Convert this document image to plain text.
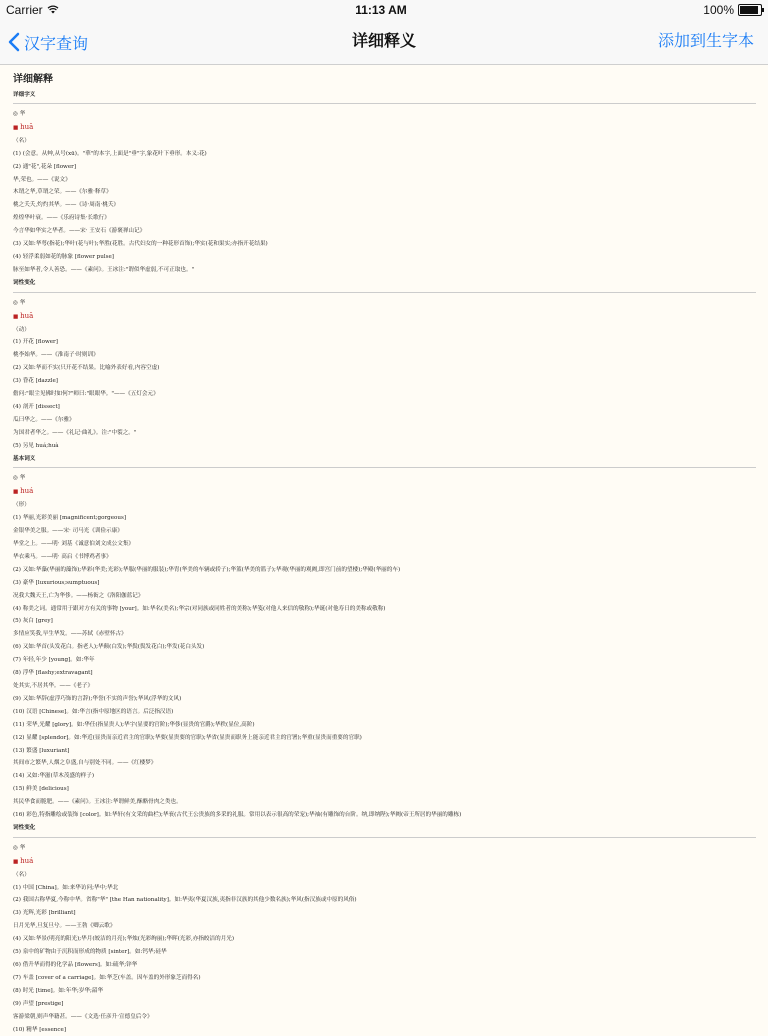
Carrier	11:13 AM	100%
汉字查询	详细释义	添加到生字本
详细解释
详细字义
◎ 华
■ huā
（名）
(1) (会意。从艸,从号(xū)。"華"的本字,上面是"垂"字,象花叶下垂形。本义:花)
(2) 通"花",花朵 [flower]
华,荣也。——《说文》
木谓之华,草谓之荣。——《尔雅·释草》
桃之夭夭,灼灼其华。——《诗·周南·桃夭》
煌煌华叶衰。——《乐府诗集·长歌行》
今言华如华实之华者。——宋· 王安石《游褒禅山记》
(3) 又如:华萼(指花);华叶(花与叶);华胜(花胜。古代妇女的一种花形首饰);华实(花和果实;亦指开花结果)
(4) 轻浮柔弱如花的脉象 [flower pulse]
脉至如华者,令人善恐。——《素问》。王冰注:"谓似华虚弱,不可正取也。"
词性变化
◎ 华
■ huā
（动）
(1) 开花 [flower]
桃李始华。——《淮南子·时则训》
(2) 又如:华而不实(只开花不结果。比喻外表好看,内容空虚)
(3) 昏花 [dazzle]
儋问:"眼尘见佛时如何?"师曰:"眼眼华。"——《五灯会元》
(4) 剖开 [dissect]
瓜曰华之。——《尔雅》
为国君者华之。——《礼记·曲礼》。注:"中裂之。"
(5) 另见 huá;huà
基本词义
◎ 华
■ huá
（形）
(1) 华丽,光彩美丽 [magnificent;gorgeous]
金银华美之服。——宋· 司马光《训俭示康》
华堂之上。——明· 刘基《诚意伯刘文成公文集》
华衣乘马。——明· 高启《书博鸡者事》
(2) 又如:华藻(华丽的藻饰);华彩(华美;光彩);华服(华丽的服装);华胄(华美的车辆或轿子);华篮(华美的篮子);华观(华丽的观阙,即宫门前的望楼);华殿(华丽的车)
(3) 豪华 [luxurious;sumptuous]
况我大魏天王,亡为华侈。——杨衒之《洛阳伽蓝记》
(4) 称美之词。通常用于跟对方有关的事物 [your]。如:华名(美名);华宗(对同族或同姓者的美称);华笺(对他人来信的敬称);华诞(对他寿日的美称或敬称)
(5) 灰白 [grey]
多情应笑我,早生华发。——苏轼《赤壁怀古》
(6) 又如:华首(头发花白。指老人);华颠(白发);华鬓(鬓发花白);华发(花白头发)
(7) 年轻,年少 [young]。如:华年
(8) 浮华 [flashy;extravagant]
处其实,不居其华。——《老子》
(9) 又如:华辞(虚浮巧饰的言辞);华誉(不实的声誉);华风(浮华的文风)
(10) 汉语 [Chinese]。如:华言(指中原地区的语言。后泛指汉语)
(11) 荣华,光耀 [glory]。如:华任(指显贵人);华宇(显要的官阶);华侈(显贵的官爵);华秩(显位,高阶)
(12) 显耀 [splendor]。如:华近(显贵而亲近君主的官职);华要(显贵要的官职);华省(显贵而职务上能亲近君主的官署);华重(显贵而重要的官职)
(13) 繁盛 [luxuriant]
其间市之繁华,人烟之阜盛,自与别处不同。——《红楼梦》
(14) 又如:华滋(草木茂盛的样子)
(15) 鲜美 [delicious]
其民华食而脆肥。——《素问》。王冰注:华谓鲜美,酥酪骨肉之类也。
(16) 彩色,特指雕绘或装饰 [color]。如:华轩(有文采的曲栏);华衮(古代王公贵族的多采的礼服。常用以表示很高的荣宠);华袖(有雕饰的台阶。纳,即纳陛);华阙(帝王所居的华丽的雕栋)
词性变化
◎ 华
■ huá
（名）
(1) 中国 [China]。如:来华访问;华中;华北
(2) 我国古称华夏,今称中华。省称"华" [the Han nationality]。如:华夷(华夏汉族,夷指非汉族的其他少数名族);华风(指汉族或中原的风俗)
(3) 光辉,光彩 [brilliant]
日月光华,旦复旦兮。——王勃《卿云歌》
(4) 又如:华景(明亮的阳光);华月(皎洁的月亮);华烛(光彩绚丽);华晖(光彩,亦指皎洁的月光)
(5) 泉中的矿物由于沉积而形成的物质 [sinter]。如:钙华;硅华
(6) 借升华而得的化学品 [flowers]。如:硫华;锌华
(7) 车盖 [cover of a carriage]。如:华芝(车盖。因车盖的外形象芝而得名)
(8) 时光 [time]。如:年华;岁华;韶华
(9) 声望 [prestige]
客游梁朝,则声华籍甚。——《文选·任彦升·宣德皇后令》
(10) 精华 [essence]
